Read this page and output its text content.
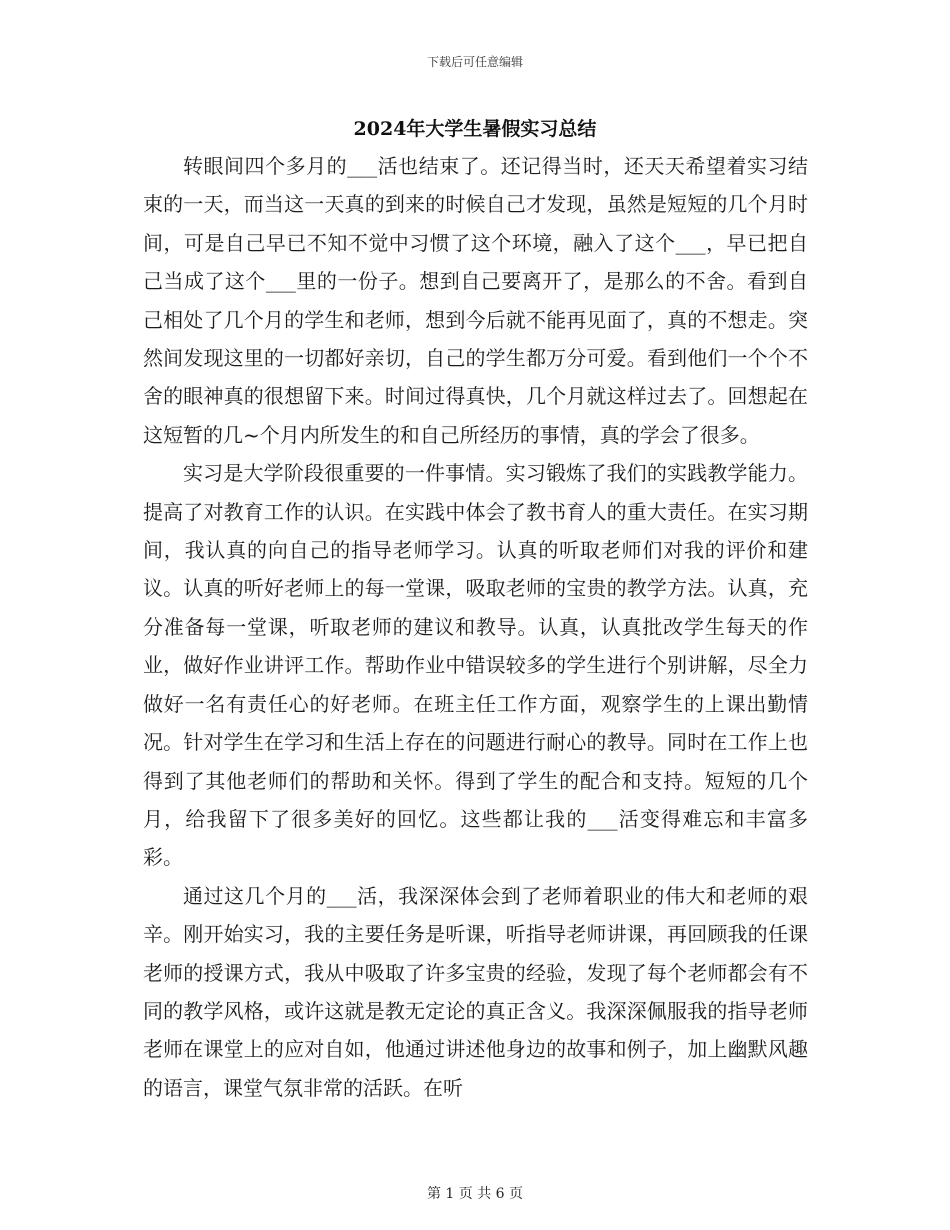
下载后可任意编辑
2024年大学生暑假实习总结

转眼间四个多月的___活也结束了。还记得当时，还天天希望着实习结束的一天，而当这一天真的到来的时候自己才发现，虽然是短短的几个月时间，可是自己早已不知不觉中习惯了这个环境，融入了这个___，早已把自己当成了这个___里的一份子。想到自己要离开了，是那么的不舍。看到自己相处了几个月的学生和老师，想到今后就不能再见面了，真的不想走。突然间发现这里的一切都好亲切，自己的学生都万分可爱。看到他们一个个不舍的眼神真的很想留下来。时间过得真快，几个月就这样过去了。回想起在这短暂的几~个月内所发生的和自己所经历的事情，真的学会了很多。

实习是大学阶段很重要的一件事情。实习锻炼了我们的实践教学能力。提高了对教育工作的认识。在实践中体会了教书育人的重大责任。在实习期间，我认真的向自己的指导老师学习。认真的听取老师们对我的评价和建议。认真的听好老师上的每一堂课，吸取老师的宝贵的教学方法。认真，充分准备每一堂课，听取老师的建议和教导。认真，认真批改学生每天的作业，做好作业讲评工作。帮助作业中错误较多的学生进行个别讲解，尽全力做好一名有责任心的好老师。在班主任工作方面，观察学生的上课出勤情况。针对学生在学习和生活上存在的问题进行耐心的教导。同时在工作上也得到了其他老师们的帮助和关怀。得到了学生的配合和支持。短短的几个月，给我留下了很多美好的回忆。这些都让我的___活变得难忘和丰富多彩。

通过这几个月的___活，我深深体会到了老师着职业的伟大和老师的艰辛。刚开始实习，我的主要任务是听课，听指导老师讲课，再回顾我的任课老师的授课方式，我从中吸取了许多宝贵的经验，发现了每个老师都会有不同的教学风格，或许这就是教无定论的真正含义。我深深佩服我的指导老师老师在课堂上的应对自如，他通过讲述他身边的故事和例子，加上幽默风趣的语言，课堂气氛非常的活跃。在听

第 1 页 共 6 页
